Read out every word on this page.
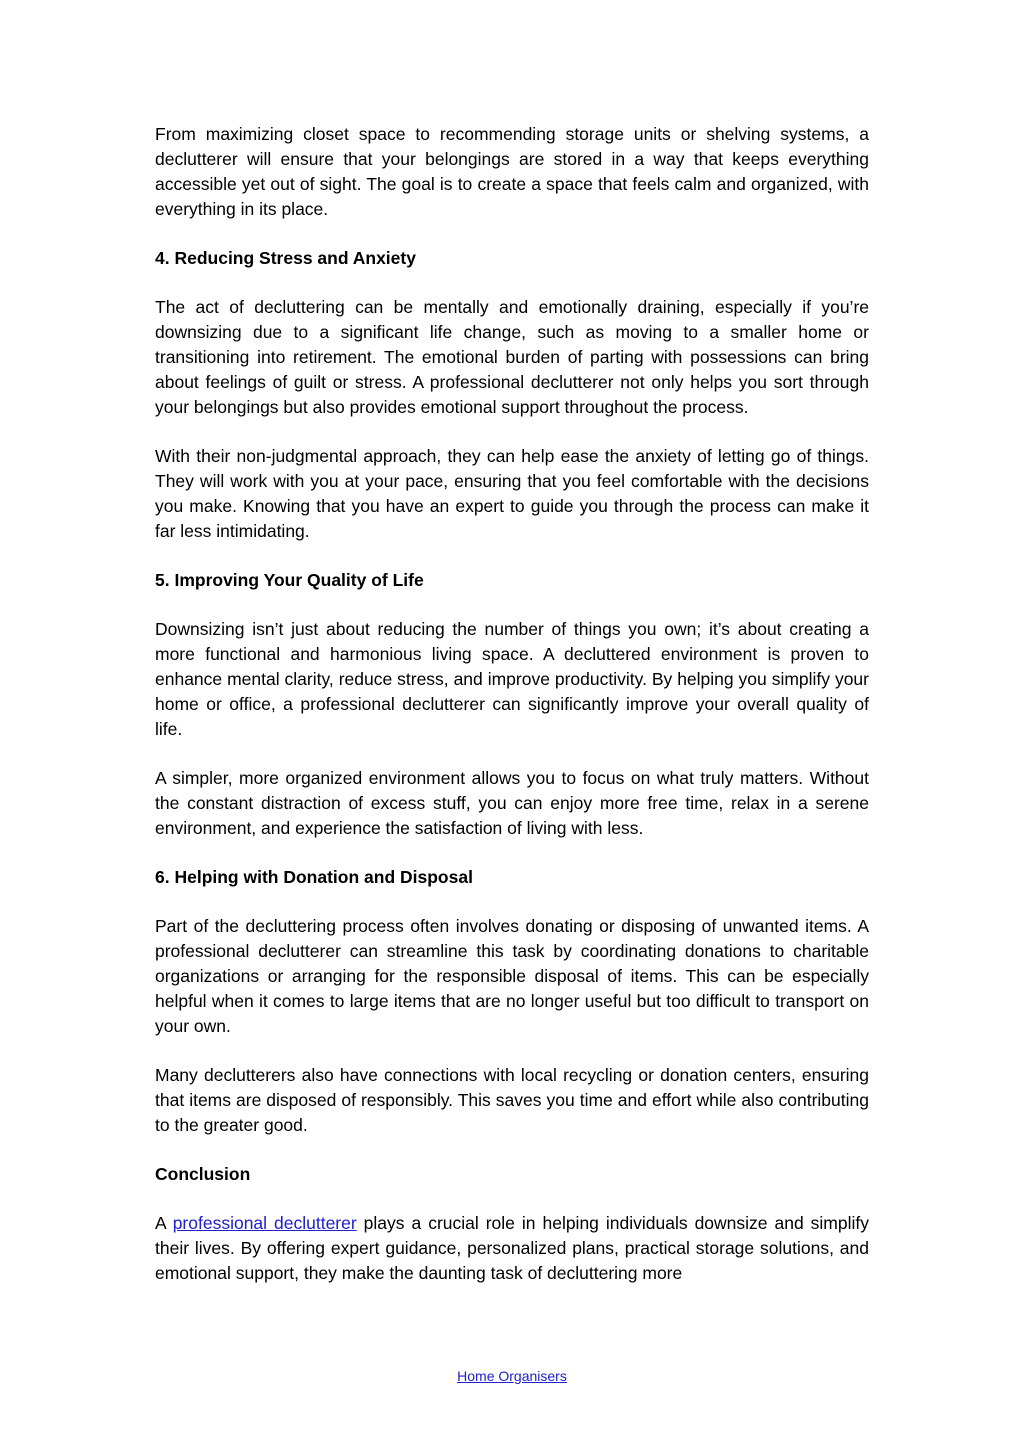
From maximizing closet space to recommending storage units or shelving systems, a declutterer will ensure that your belongings are stored in a way that keeps everything accessible yet out of sight. The goal is to create a space that feels calm and organized, with everything in its place.

4. Reducing Stress and Anxiety

The act of decluttering can be mentally and emotionally draining, especially if you’re downsizing due to a significant life change, such as moving to a smaller home or transitioning into retirement. The emotional burden of parting with possessions can bring about feelings of guilt or stress. A professional declutterer not only helps you sort through your belongings but also provides emotional support throughout the process.

With their non-judgmental approach, they can help ease the anxiety of letting go of things. They will work with you at your pace, ensuring that you feel comfortable with the decisions you make. Knowing that you have an expert to guide you through the process can make it far less intimidating.

5. Improving Your Quality of Life

Downsizing isn’t just about reducing the number of things you own; it’s about creating a more functional and harmonious living space. A decluttered environment is proven to enhance mental clarity, reduce stress, and improve productivity. By helping you simplify your home or office, a professional declutterer can significantly improve your overall quality of life.

A simpler, more organized environment allows you to focus on what truly matters. Without the constant distraction of excess stuff, you can enjoy more free time, relax in a serene environment, and experience the satisfaction of living with less.

6. Helping with Donation and Disposal

Part of the decluttering process often involves donating or disposing of unwanted items. A professional declutterer can streamline this task by coordinating donations to charitable organizations or arranging for the responsible disposal of items. This can be especially helpful when it comes to large items that are no longer useful but too difficult to transport on your own.

Many declutterers also have connections with local recycling or donation centers, ensuring that items are disposed of responsibly. This saves you time and effort while also contributing to the greater good.

Conclusion

A professional declutterer plays a crucial role in helping individuals downsize and simplify their lives. By offering expert guidance, personalized plans, practical storage solutions, and emotional support, they make the daunting task of decluttering more

Home Organisers
